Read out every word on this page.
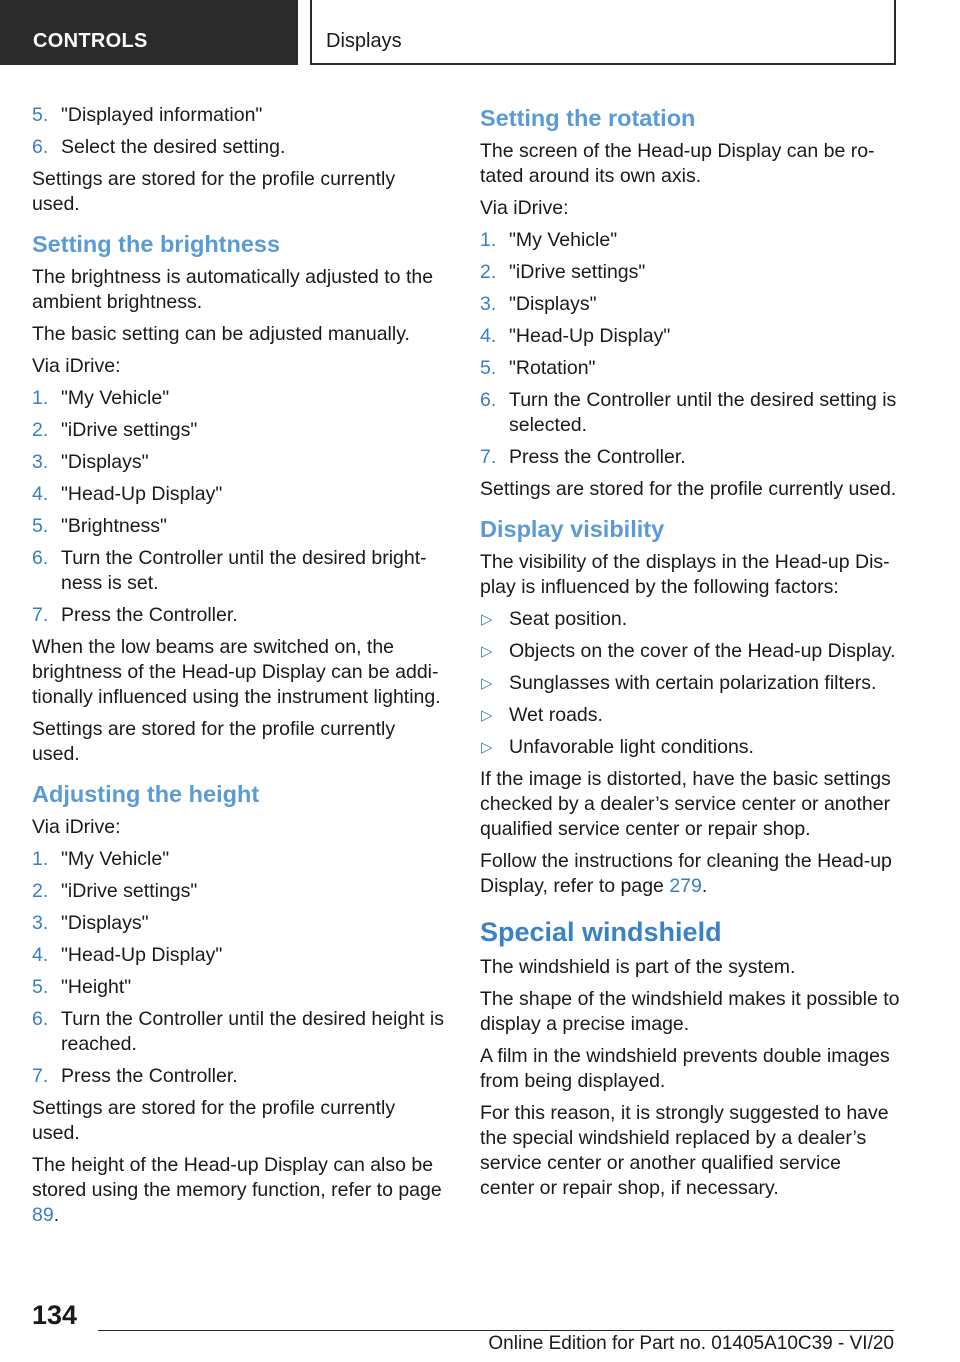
CONTROLS	Displays
5. "Displayed information"
6. Select the desired setting.

Settings are stored for the profile currently used.

Setting the brightness

The brightness is automatically adjusted to the ambient brightness.

The basic setting can be adjusted manually.

Via iDrive:

1. "My Vehicle"
2. "iDrive settings"
3. "Displays"
4. "Head-Up Display"
5. "Brightness"
6. Turn the Controller until the desired bright‐ ness is set.
7. Press the Controller.

When the low beams are switched on, the brightness of the Head-up Display can be addi‐ tionally influenced using the instrument lighting.

Settings are stored for the profile currently used.

Adjusting the height

Via iDrive:

1. "My Vehicle"
2. "iDrive settings"
3. "Displays"
4. "Head-Up Display"
5. "Height"
6. Turn the Controller until the desired height is reached.
7. Press the Controller.

Settings are stored for the profile currently used.

The height of the Head-up Display can also be stored using the memory function, refer to page 89.

Setting the rotation

The screen of the Head-up Display can be ro‐ tated around its own axis.

Via iDrive:

1. "My Vehicle"
2. "iDrive settings"
3. "Displays"
4. "Head-Up Display"
5. "Rotation"
6. Turn the Controller until the desired setting is selected.
7. Press the Controller.

Settings are stored for the profile currently used.

Display visibility

The visibility of the displays in the Head-up Dis‐ play is influenced by the following factors:

▷ Seat position.
▷ Objects on the cover of the Head-up Display.
▷ Sunglasses with certain polarization filters.
▷ Wet roads.
▷ Unfavorable light conditions.

If the image is distorted, have the basic settings checked by a dealer’s service center or another qualified service center or repair shop.

Follow the instructions for cleaning the Head-up Display, refer to page 279.

Special windshield

The windshield is part of the system.

The shape of the windshield makes it possible to display a precise image.

A film in the windshield prevents double images from being displayed.

For this reason, it is strongly suggested to have the special windshield replaced by a dealer’s service center or another qualified service center or repair shop, if necessary.

134
Online Edition for Part no. 01405A10C39 - VI/20
